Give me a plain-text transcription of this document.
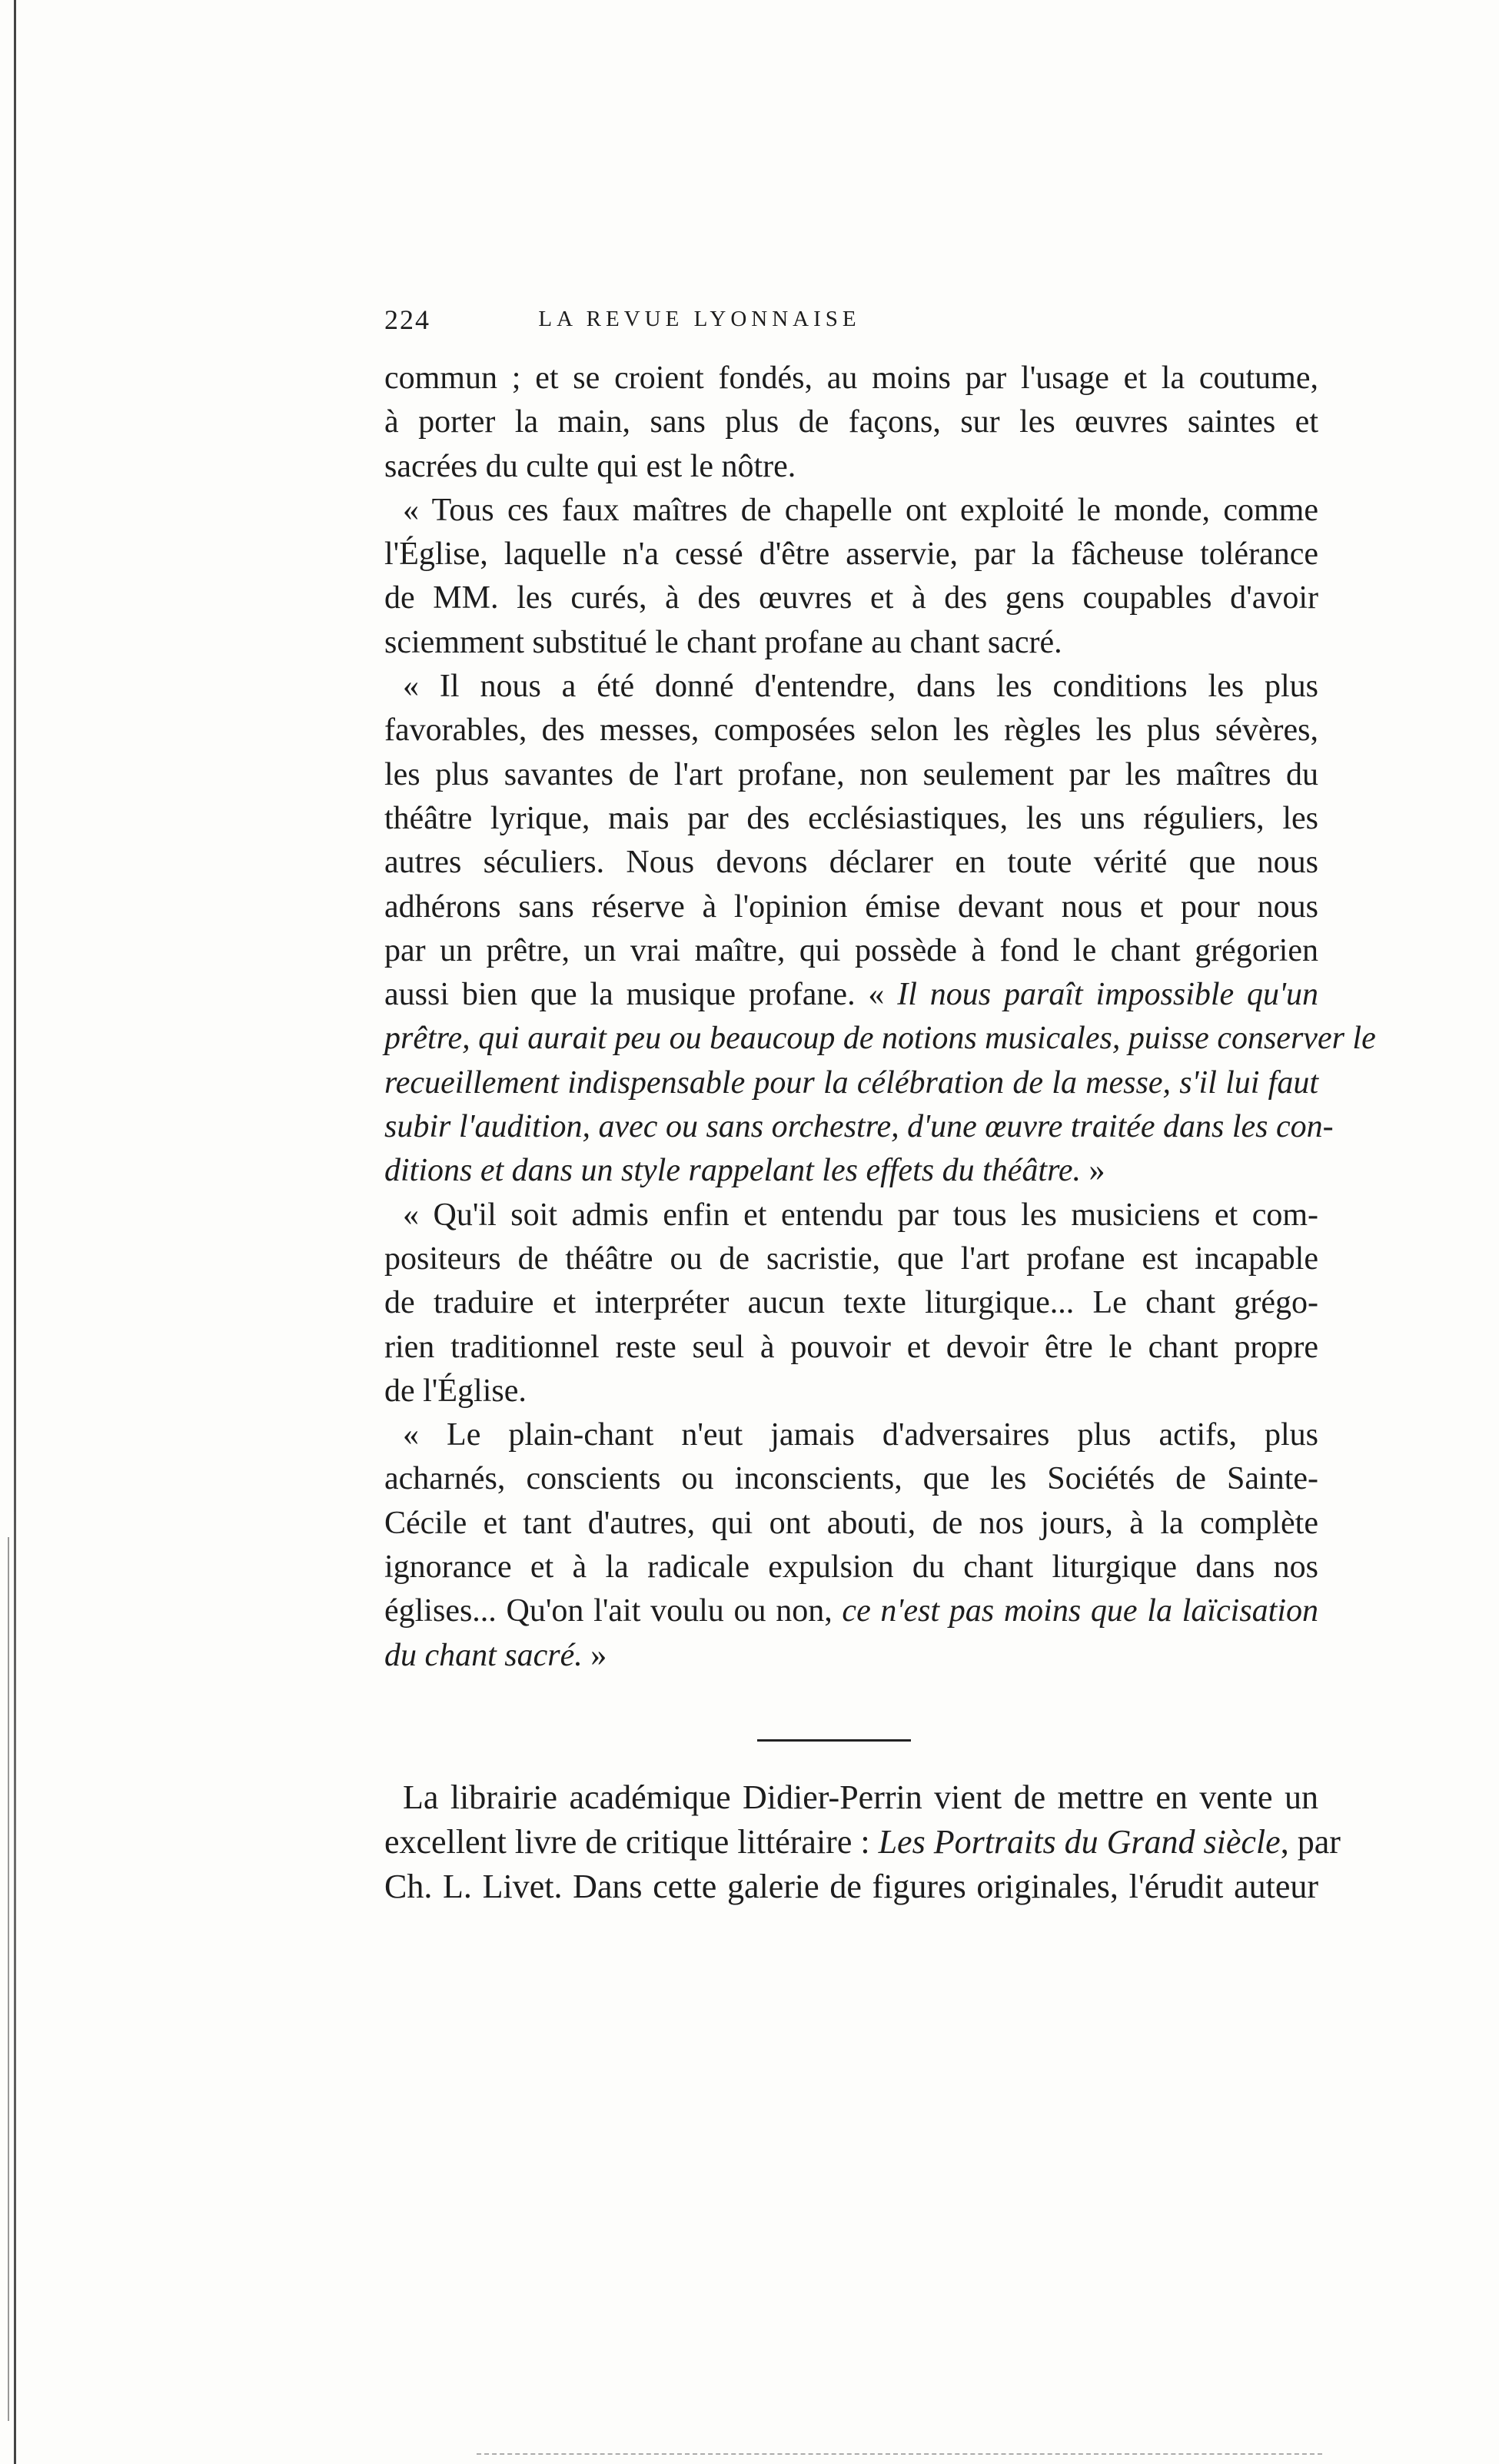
224	LA REVUE LYONNAISE
commun ; et se croient fondés, au moins par l'usage et la coutume,
à porter la main, sans plus de façons, sur les œuvres saintes et
sacrées du culte qui est le nôtre.
« Tous ces faux maîtres de chapelle ont exploité le monde, comme
l'Église, laquelle n'a cessé d'être asservie, par la fâcheuse tolérance
de MM. les curés, à des œuvres et à des gens coupables d'avoir
sciemment substitué le chant profane au chant sacré.
« Il nous a été donné d'entendre, dans les conditions les plus
favorables, des messes, composées selon les règles les plus sévères,
les plus savantes de l'art profane, non seulement par les maîtres du
théâtre lyrique, mais par des ecclésiastiques, les uns réguliers, les
autres séculiers. Nous devons déclarer en toute vérité que nous
adhérons sans réserve à l'opinion émise devant nous et pour nous
par un prêtre, un vrai maître, qui possède à fond le chant grégorien
aussi bien que la musique profane. « Il nous paraît impossible qu'un
prêtre, qui aurait peu ou beaucoup de notions musicales, puisse conserver le
recueillement indispensable pour la célébration de la messe, s'il lui faut
subir l'audition, avec ou sans orchestre, d'une œuvre traitée dans les con-
ditions et dans un style rappelant les effets du théâtre. »
« Qu'il soit admis enfin et entendu par tous les musiciens et com-
positeurs de théâtre ou de sacristie, que l'art profane est incapable
de traduire et interpréter aucun texte liturgique... Le chant grégo-
rien traditionnel reste seul à pouvoir et devoir être le chant propre
de l'Église.
« Le plain-chant n'eut jamais d'adversaires plus actifs, plus
acharnés, conscients ou inconscients, que les Sociétés de Sainte-
Cécile et tant d'autres, qui ont abouti, de nos jours, à la complète
ignorance et à la radicale expulsion du chant liturgique dans nos
églises... Qu'on l'ait voulu ou non, ce n'est pas moins que la laïcisation
du chant sacré. »
La librairie académique Didier-Perrin vient de mettre en vente un
excellent livre de critique littéraire : Les Portraits du Grand siècle, par
Ch. L. Livet. Dans cette galerie de figures originales, l'érudit auteur
